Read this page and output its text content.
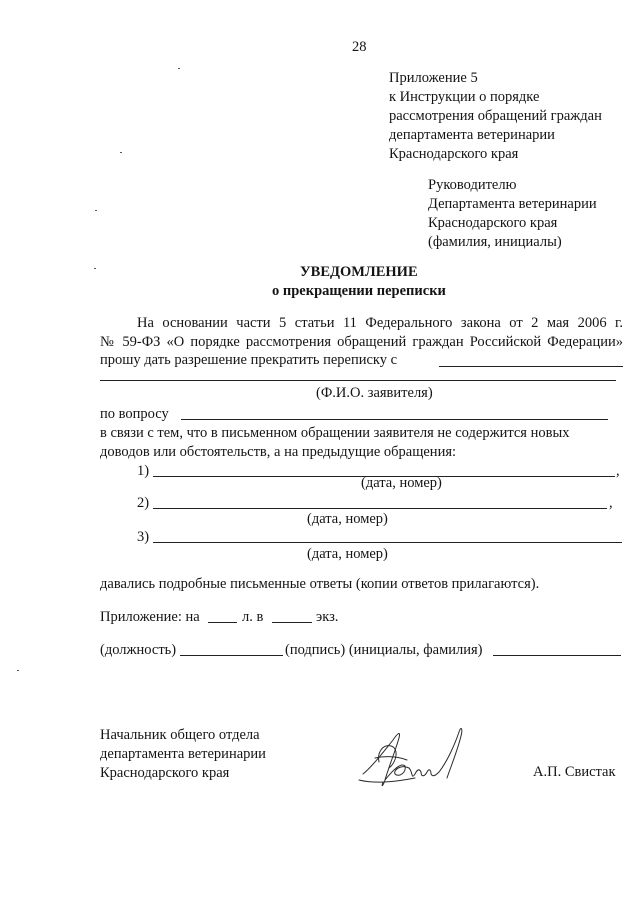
28
Приложение 5
к Инструкции о порядке
рассмотрения обращений граждан
департамента ветеринарии
Краснодарского края
Руководителю
Департамента ветеринарии
Краснодарского края
(фамилия, инициалы)
УВЕДОМЛЕНИЕ
о прекращении переписки
На основании части 5 статьи 11 Федерального закона от 2 мая 2006 г.
№ 59-ФЗ «О порядке рассмотрения обращений граждан Российской Федерации»
прошу дать разрешение прекратить переписку с
(Ф.И.О. заявителя)
по вопросу
в связи с тем, что в письменном обращении заявителя не содержится новых
доводов или обстоятельств, а на предыдущие обращения:
1)	,
(дата, номер)
2)	,
(дата, номер)
3)
(дата, номер)
давались подробные письменные ответы (копии ответов прилагаются).
Приложение: на	л. в	экз.
(должность)	(подпись) (инициалы, фамилия)
Начальник общего отдела
департамента ветеринарии
Краснодарского края	А.П. Свистак
